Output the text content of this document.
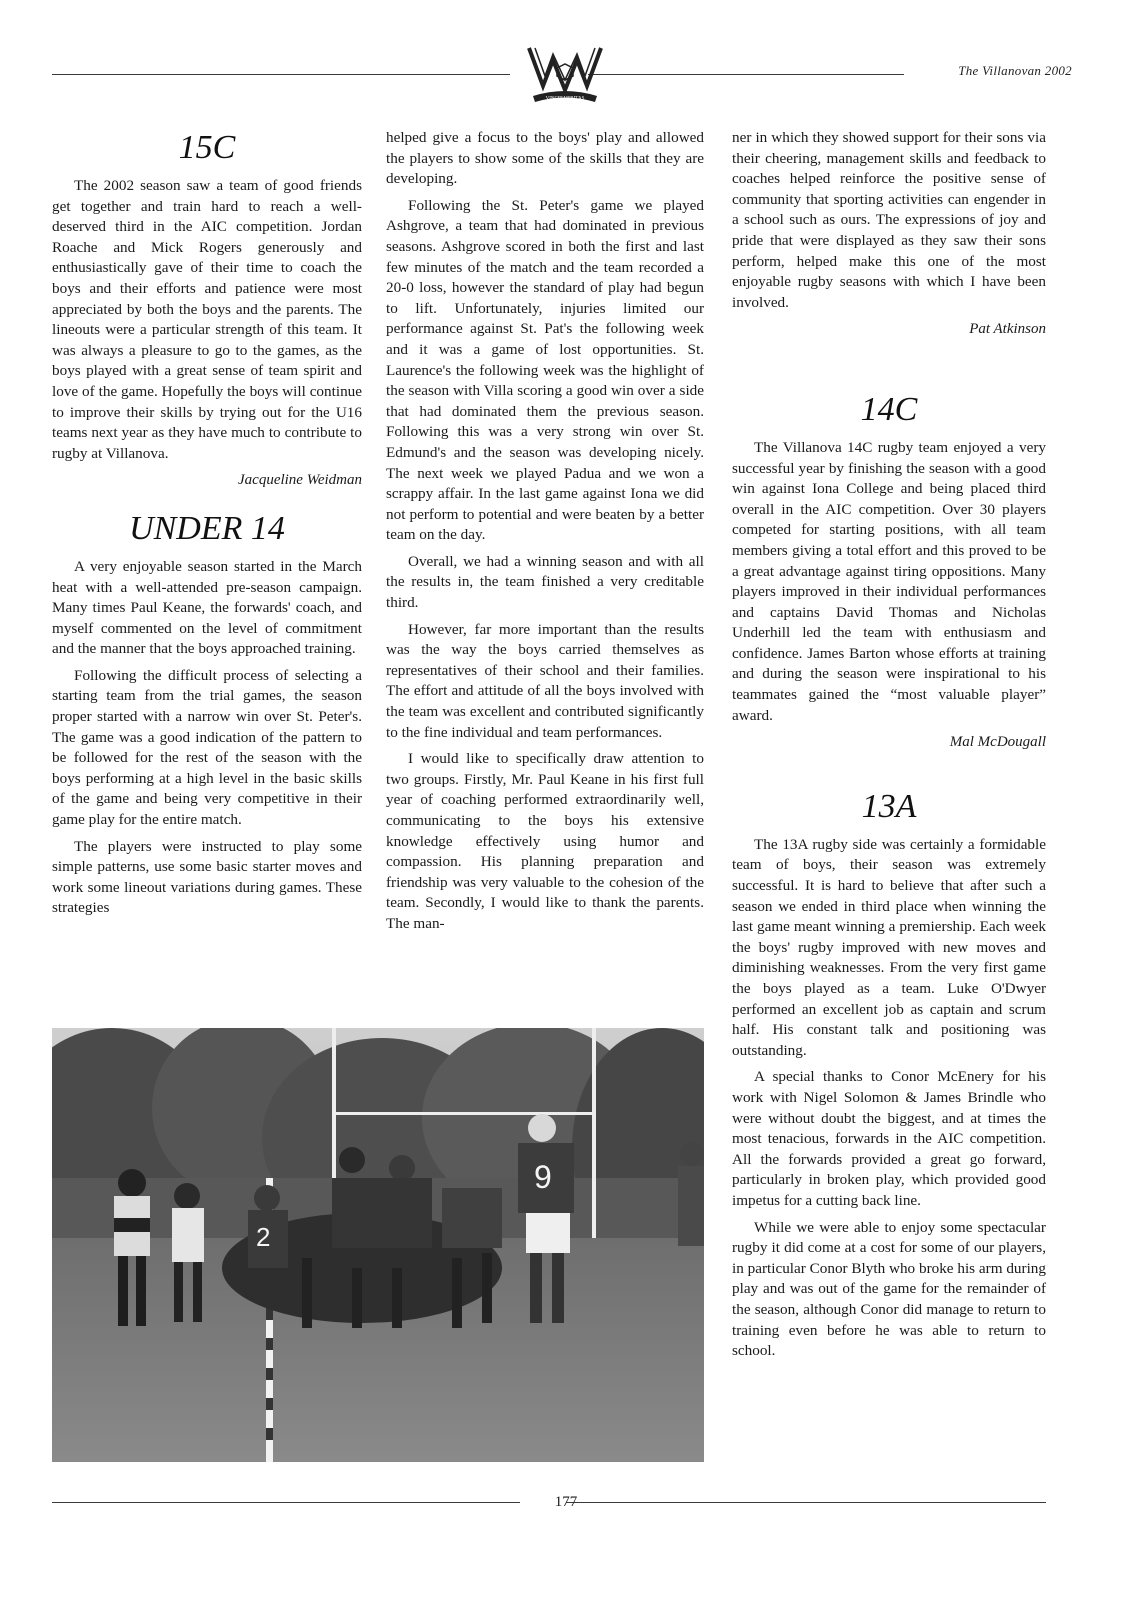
The Villanovan 2002
VINCIT VERITAS
15C

The 2002 season saw a team of good friends get together and train hard to reach a well-deserved third in the AIC competition. Jordan Roache and Mick Rogers generously and enthusiastically gave of their time to coach the boys and their efforts and patience were most appreciated by both the boys and the parents. The lineouts were a particular strength of this team. It was always a pleasure to go to the games, as the boys played with a great sense of team spirit and love of the game. Hopefully the boys will continue to improve their skills by trying out for the U16 teams next year as they have much to contribute to rugby at Villanova.

Jacqueline Weidman
UNDER 14

A very enjoyable season started in the March heat with a well-attended pre-season campaign. Many times Paul Keane, the forwards' coach, and myself commented on the level of commitment and the manner that the boys approached training.

Following the difficult process of selecting a starting team from the trial games, the season proper started with a narrow win over St. Peter's. The game was a good indication of the pattern to be followed for the rest of the season with the boys performing at a high level in the basic skills of the game and being very competitive in their game play for the entire match.

The players were instructed to play some simple patterns, use some basic starter moves and work some lineout variations during games. These strategies

helped give a focus to the boys' play and allowed the players to show some of the skills that they are developing.

Following the St. Peter's game we played Ashgrove, a team that had dominated in previous seasons. Ashgrove scored in both the first and last few minutes of the match and the team recorded a 20-0 loss, however the standard of play had begun to lift. Unfortunately, injuries limited our performance against St. Pat's the following week and it was a game of lost opportunities. St. Laurence's the following week was the highlight of the season with Villa scoring a good win over a side that had dominated them the previous season. Following this was a very strong win over St. Edmund's and the season was developing nicely. The next week we played Padua and we won a scrappy affair. In the last game against Iona we did not perform to potential and were beaten by a better team on the day.

Overall, we had a winning season and with all the results in, the team finished a very creditable third.

However, far more important than the results was the way the boys carried themselves as representatives of their school and their families. The effort and attitude of all the boys involved with the team was excellent and contributed significantly to the fine individual and team performances.

I would like to specifically draw attention to two groups. Firstly, Mr. Paul Keane in his first full year of coaching performed extraordinarily well, communicating to the boys his extensive knowledge effectively using humor and compassion. His planning preparation and friendship was very valuable to the cohesion of the team. Secondly, I would like to thank the parents. The man-

ner in which they showed support for their sons via their cheering, management skills and feedback to coaches helped reinforce the positive sense of community that sporting activities can engender in a school such as ours. The expressions of joy and pride that were displayed as they saw their sons perform, helped make this one of the most enjoyable rugby seasons with which I have been involved.

Pat Atkinson
14C

The Villanova 14C rugby team enjoyed a very successful year by finishing the season with a good win against Iona College and being placed third overall in the AIC competition. Over 30 players competed for starting positions, with all team members giving a total effort and this proved to be a great advantage against tiring oppositions. Many players improved in their individual performances and captains David Thomas and Nicholas Underhill led the team with enthusiasm and confidence. James Barton whose efforts at training and during the season were inspirational to his teammates gained the “most valuable player” award.

Mal McDougall
13A

The 13A rugby side was certainly a formidable team of boys, their season was extremely successful. It is hard to believe that after such a season we ended in third place when winning the last game meant winning a premiership. Each week the boys' rugby improved with new moves and diminishing weaknesses. From the very first game the boys played as a team. Luke O'Dwyer performed an excellent job as captain and scrum half. His constant talk and positioning was outstanding.

A special thanks to Conor McEnery for his work with Nigel Solomon & James Brindle who were without doubt the biggest, and at times the most tenacious, forwards in the AIC competition. All the forwards provided a great go forward, particularly in broken play, which provided good impetus for a cutting back line.

While we were able to enjoy some spectacular rugby it did come at a cost for some of our players, in particular Conor Blyth who broke his arm during play and was out of the game for the remainder of the season, although Conor did manage to return to training even before he was able to return to school.

2
9
177
